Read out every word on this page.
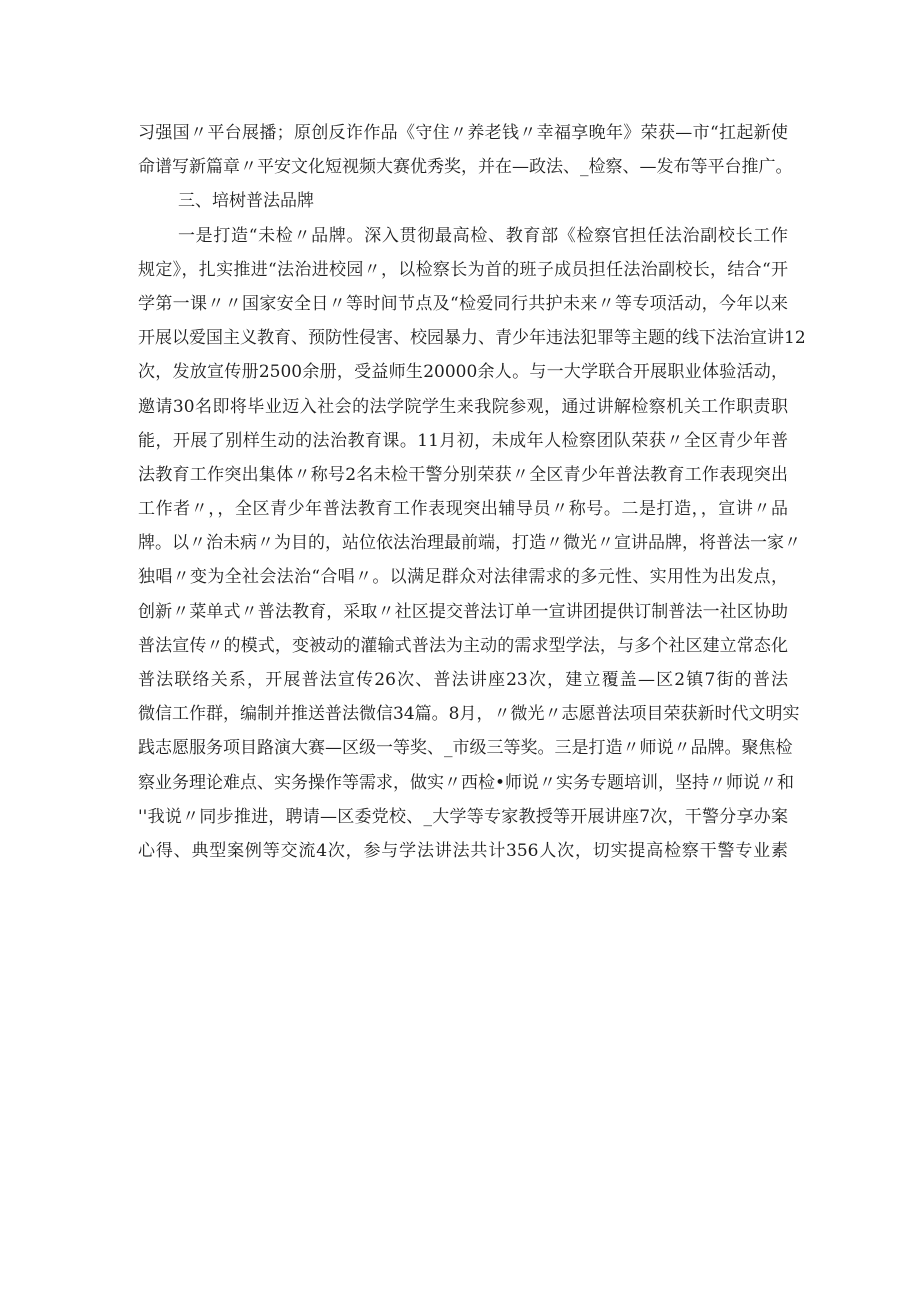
习强国〃平台展播；原创反诈作品《守住〃养老钱〃幸福享晚年》荣获—市“扛起新使
命谱写新篇章〃平安文化短视频大赛优秀奖，并在—政法、_检察、—发布等平台推广。
三、培树普法品牌
一是打造“未检〃品牌。深入贯彻最高检、教育部《检察官担任法治副校长工作
规定》，扎实推进“法治进校园〃，以检察长为首的班子成员担任法治副校长，结合“开
学第一课〃〃国家安全日〃等时间节点及“检爱同行共护未来〃等专项活动，今年以来
开展以爱国主义教育、预防性侵害、校园暴力、青少年违法犯罪等主题的线下法治宣讲12
次，发放宣传册2500余册，受益师生20000余人。与一大学联合开展职业体验活动，
邀请30名即将毕业迈入社会的法学院学生来我院参观，通过讲解检察机关工作职责职
能，开展了别样生动的法治教育课。11月初，未成年人检察团队荣获〃全区青少年普
法教育工作突出集体〃称号2名未检干警分别荣获〃全区青少年普法教育工作表现突出
工作者〃，，全区青少年普法教育工作表现突出辅导员〃称号。二是打造，，宣讲〃品
牌。以〃治未病〃为目的，站位依法治理最前端，打造〃微光〃宣讲品牌，将普法一家〃
独唱〃变为全社会法治“合唱〃。以满足群众对法律需求的多元性、实用性为出发点，
创新〃菜单式〃普法教育，采取〃社区提交普法订单一宣讲团提供订制普法一社区协助
普法宣传〃的模式，变被动的灌输式普法为主动的需求型学法，与多个社区建立常态化
普法联络关系，开展普法宣传26次、普法讲座23次，建立覆盖—区2镇7街的普法
微信工作群，编制并推送普法微信34篇。8月，〃微光〃志愿普法项目荣获新时代文明实
践志愿服务项目路演大赛—区级一等奖、_市级三等奖。三是打造〃师说〃品牌。聚焦检
察业务理论难点、实务操作等需求，做实〃西检•师说〃实务专题培训，坚持〃师说〃和
''我说〃同步推进，聘请—区委党校、_大学等专家教授等开展讲座7次，干警分享办案
心得、典型案例等交流4次，参与学法讲法共计356人次，切实提高检察干警专业素
